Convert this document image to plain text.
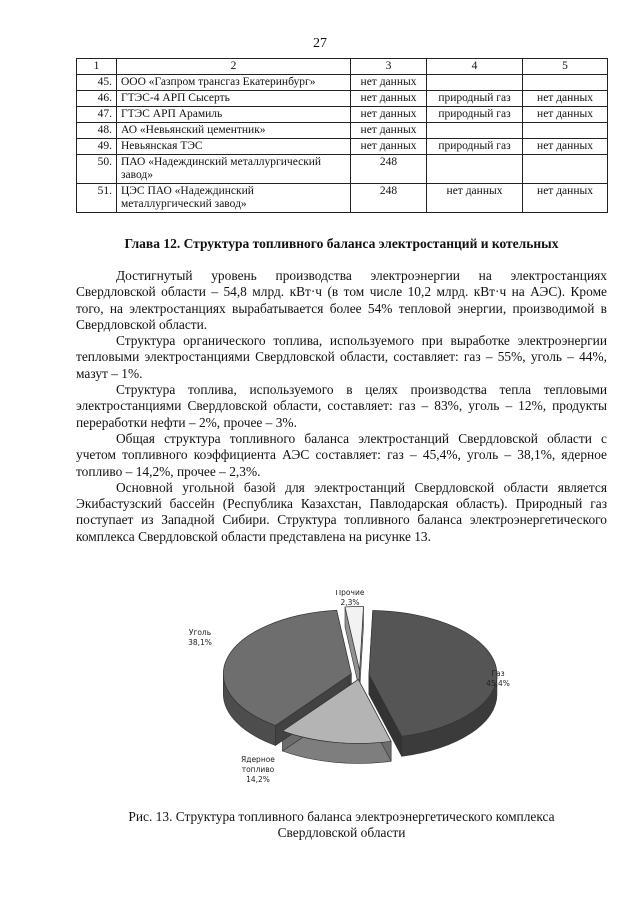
27
1	2	3	4	5
45.	ООО «Газпром трансгаз Екатеринбург»	нет данных		
46.	ГТЭС-4 АРП Сысерть	нет данных	природный газ	нет данных
47.	ГТЭС АРП Арамиль	нет данных	природный газ	нет данных
48.	АО «Невьянский цементник»	нет данных		
49.	Невьянская ТЭС	нет данных	природный газ	нет данных
50.	ПАО «Надеждинский металлургический завод»	248		
51.	ЦЭС ПАО «Надеждинский металлургический завод»	248	нет данных	нет данных
Глава 12. Структура топливного баланса электростанций и котельных

Достигнутый уровень производства электроэнергии на электростанциях Свердловской области – 54,8 млрд. кВт·ч (в том числе 10,2 млрд. кВт·ч на АЭС). Кроме того, на электростанциях вырабатывается более 54% тепловой энергии, производимой в Свердловской области.

Структура органического топлива, используемого при выработке электроэнергии тепловыми электростанциями Свердловской области, составляет: газ – 55%, уголь – 44%, мазут – 1%.

Структура топлива, используемого в целях производства тепла тепловыми электростанциями Свердловской области, составляет: газ – 83%, уголь – 12%, продукты переработки нефти – 2%, прочее – 3%.

Общая структура топливного баланса электростанций Свердловской области с учетом топливного коэффициента АЭС составляет: газ – 45,4%, уголь – 38,1%, ядерное топливо – 14,2%, прочее – 2,3%.

Основной угольной базой для электростанций Свердловской области является Экибастузский бассейн (Республика Казахстан, Павлодарская область). Природный газ поступает из Западной Сибири. Структура топливного баланса электроэнергетического комплекса Свердловской области представлена на рисунке 13.

Газ
45,4%
Ядерное
топливо
14,2%
Уголь
38,1%
Прочие
2,3%
Рис. 13. Структура топливного баланса электроэнергетического комплекса
Свердловской области
